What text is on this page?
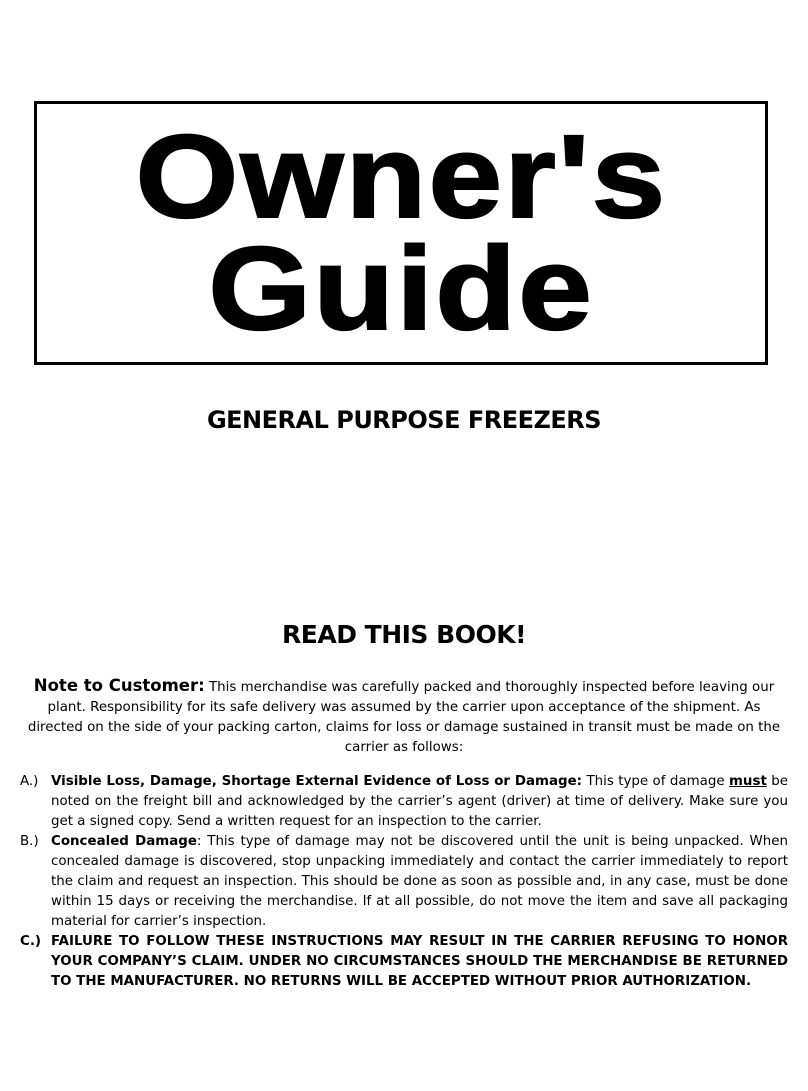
Owner's
Guide
GENERAL PURPOSE FREEZERS
READ THIS BOOK!
Note to Customer: This merchandise was carefully packed and thoroughly inspected before leaving our plant. Responsibility for its safe delivery was assumed by the carrier upon acceptance of the shipment. As directed on the side of your packing carton, claims for loss or damage sustained in transit must be made on the carrier as follows:
A.) Visible Loss, Damage, Shortage External Evidence of Loss or Damage: This type of damage must be noted on the freight bill and acknowledged by the carrier’s agent (driver) at time of delivery. Make sure you get a signed copy. Send a written request for an inspection to the carrier.
B.) Concealed Damage: This type of damage may not be discovered until the unit is being unpacked. When concealed damage is discovered, stop unpacking immediately and contact the carrier immediately to report the claim and request an inspection. This should be done as soon as possible and, in any case, must be done within 15 days or receiving the merchandise. If at all possible, do not move the item and save all packaging material for carrier’s inspection.
C.) FAILURE TO FOLLOW THESE INSTRUCTIONS MAY RESULT IN THE CARRIER REFUSING TO HONOR YOUR COMPANY’S CLAIM. UNDER NO CIRCUMSTANCES SHOULD THE MERCHANDISE BE RETURNED TO THE MANUFACTURER. NO RETURNS WILL BE ACCEPTED WITHOUT PRIOR AUTHORIZATION.
